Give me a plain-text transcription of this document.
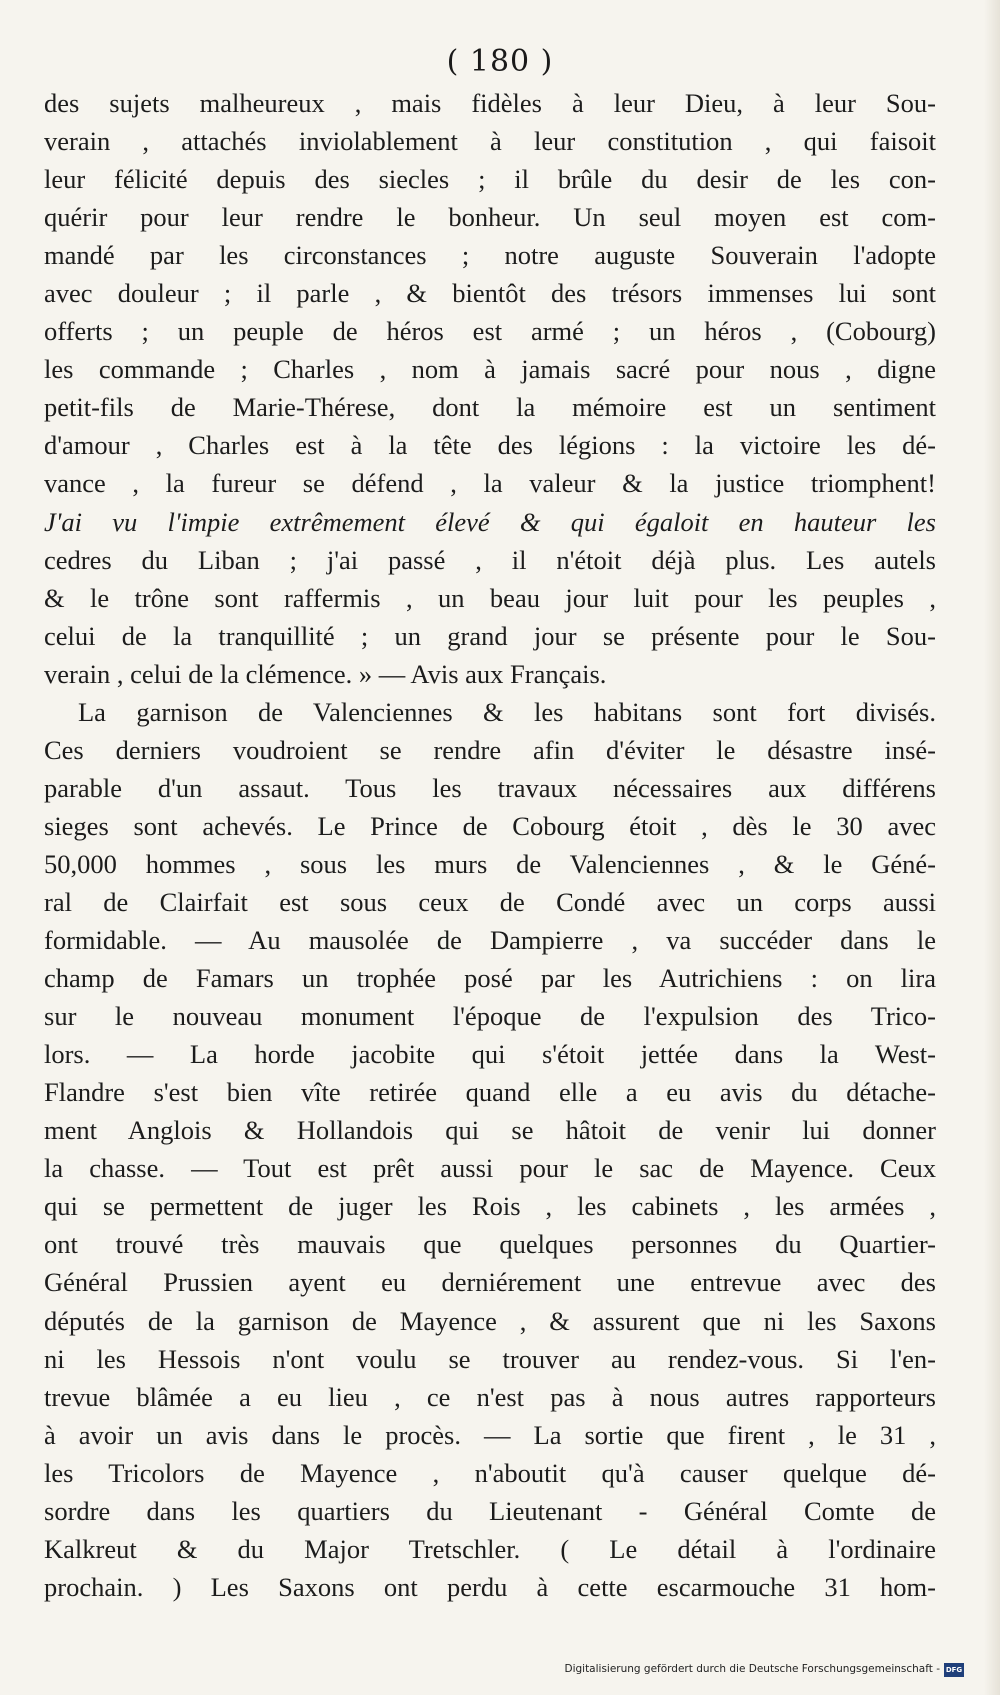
( 180 )
des sujets malheureux , mais fidèles à leur Dieu, à leur Sou-
verain , attachés inviolablement à leur constitution , qui faisoit
leur félicité depuis des siecles ; il brûle du desir de les con-
quérir pour leur rendre le bonheur. Un seul moyen est com-
mandé par les circonstances ; notre auguste Souverain l'adopte
avec douleur ; il parle , & bientôt des trésors immenses lui sont
offerts ; un peuple de héros est armé ; un héros , (Cobourg)
les commande ; Charles , nom à jamais sacré pour nous , digne
petit-fils de Marie-Thérese, dont la mémoire est un sentiment
d'amour , Charles est à la tête des légions : la victoire les dé-
vance , la fureur se défend , la valeur & la justice triomphent!
J'ai vu l'impie extrêmement élevé & qui égaloit en hauteur les
cedres du Liban ; j'ai passé , il n'étoit déjà plus. Les autels
& le trône sont raffermis , un beau jour luit pour les peuples ,
celui de la tranquillité ; un grand jour se présente pour le Sou-
verain , celui de la clémence. » — Avis aux Français.
La garnison de Valenciennes & les habitans sont fort divisés.
Ces derniers voudroient se rendre afin d'éviter le désastre insé-
parable d'un assaut. Tous les travaux nécessaires aux différens
sieges sont achevés. Le Prince de Cobourg étoit , dès le 30 avec
50,000 hommes , sous les murs de Valenciennes , & le Géné-
ral de Clairfait est sous ceux de Condé avec un corps aussi
formidable. — Au mausolée de Dampierre , va succéder dans le
champ de Famars un trophée posé par les Autrichiens : on lira
sur le nouveau monument l'époque de l'expulsion des Trico-
lors. — La horde jacobite qui s'étoit jettée dans la West-
Flandre s'est bien vîte retirée quand elle a eu avis du détache-
ment Anglois & Hollandois qui se hâtoit de venir lui donner
la chasse. — Tout est prêt aussi pour le sac de Mayence. Ceux
qui se permettent de juger les Rois , les cabinets , les armées ,
ont trouvé très mauvais que quelques personnes du Quartier-
Général Prussien ayent eu derniérement une entrevue avec des
députés de la garnison de Mayence , & assurent que ni les Saxons
ni les Hessois n'ont voulu se trouver au rendez-vous. Si l'en-
trevue blâmée a eu lieu , ce n'est pas à nous autres rapporteurs
à avoir un avis dans le procès. — La sortie que firent , le 31 ,
les Tricolors de Mayence , n'aboutit qu'à causer quelque dé-
sordre dans les quartiers du Lieutenant - Général Comte de
Kalkreut & du Major Tretschler. ( Le détail à l'ordinaire
prochain. ) Les Saxons ont perdu à cette escarmouche 31 hom-
Digitalisierung gefördert durch die Deutsche Forschungsgemeinschaft - DFG
